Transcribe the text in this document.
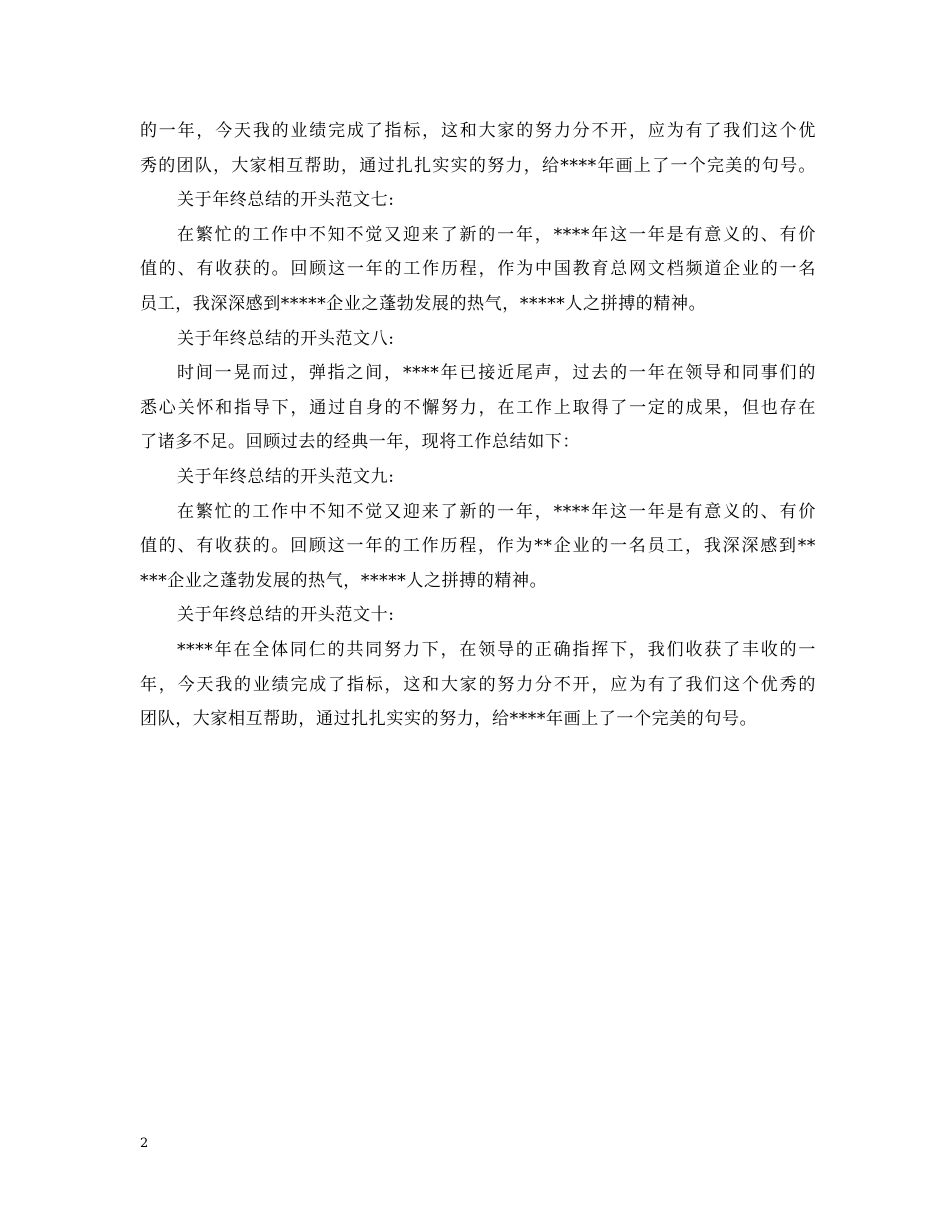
的一年，今天我的业绩完成了指标，这和大家的努力分不开，应为有了我们这个优
秀的团队，大家相互帮助，通过扎扎实实的努力，给****年画上了一个完美的句号。
关于年终总结的开头范文七:
在繁忙的工作中不知不觉又迎来了新的一年，****年这一年是有意义的、有价
值的、有收获的。回顾这一年的工作历程，作为中国教育总网文档频道企业的一名
员工，我深深感到*****企业之蓬勃发展的热气，*****人之拼搏的精神。
关于年终总结的开头范文八:
时间一晃而过，弹指之间，****年已接近尾声，过去的一年在领导和同事们的
悉心关怀和指导下，通过自身的不懈努力，在工作上取得了一定的成果，但也存在
了诸多不足。回顾过去的经典一年，现将工作总结如下：
关于年终总结的开头范文九:
在繁忙的工作中不知不觉又迎来了新的一年，****年这一年是有意义的、有价
值的、有收获的。回顾这一年的工作历程，作为**企业的一名员工，我深深感到**
***企业之蓬勃发展的热气，*****人之拼搏的精神。
关于年终总结的开头范文十:
****年在全体同仁的共同努力下，在领导的正确指挥下，我们收获了丰收的一
年，今天我的业绩完成了指标，这和大家的努力分不开，应为有了我们这个优秀的
团队，大家相互帮助，通过扎扎实实的努力，给****年画上了一个完美的句号。
2
